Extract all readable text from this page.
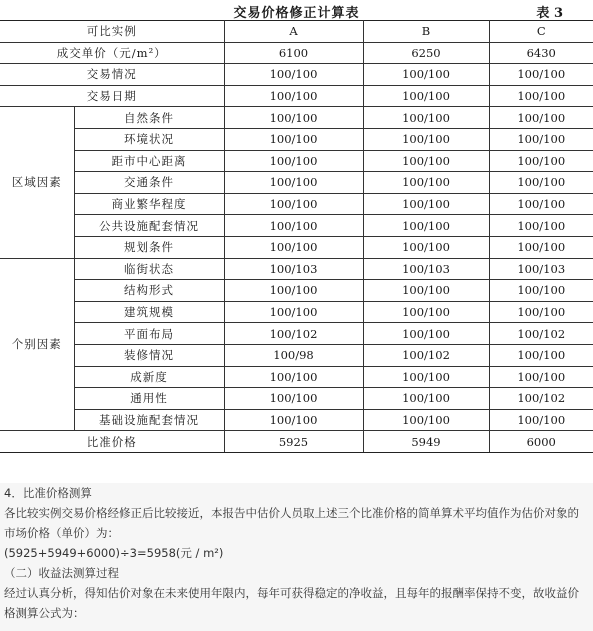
交易价格修正计算表	表 3
可比实例		A	B	C
成交单价（元/m²）		6100	6250	6430
交易情况		100/100	100/100	100/100
交易日期		100/100	100/100	100/100
区域因素	自然条件	100/100	100/100	100/100
	环境状况	100/100	100/100	100/100
	距市中心距离	100/100	100/100	100/100
	交通条件	100/100	100/100	100/100
	商业繁华程度	100/100	100/100	100/100
	公共设施配套情况	100/100	100/100	100/100
	规划条件	100/100	100/100	100/100
个别因素	临街状态	100/103	100/103	100/103
	结构形式	100/100	100/100	100/100
	建筑规模	100/100	100/100	100/100
	平面布局	100/102	100/100	100/102
	装修情况	100/98	100/102	100/100
	成新度	100/100	100/100	100/100
	通用性	100/100	100/100	100/102
	基础设施配套情况	100/100	100/100	100/100
比准价格		5925	5949	6000

4．比准价格测算

各比较实例交易价格经修正后比较接近，本报告中估价人员取上述三个比准价格的简单算术平均值作为估价对象的市场价格（单价）为：

(5925+5949+6000)÷3=5958(元 / m²)

（二）收益法测算过程

经过认真分析，得知估价对象在未来使用年限内，每年可获得稳定的净收益，且每年的报酬率保持不变，故收益价格测算公式为：
